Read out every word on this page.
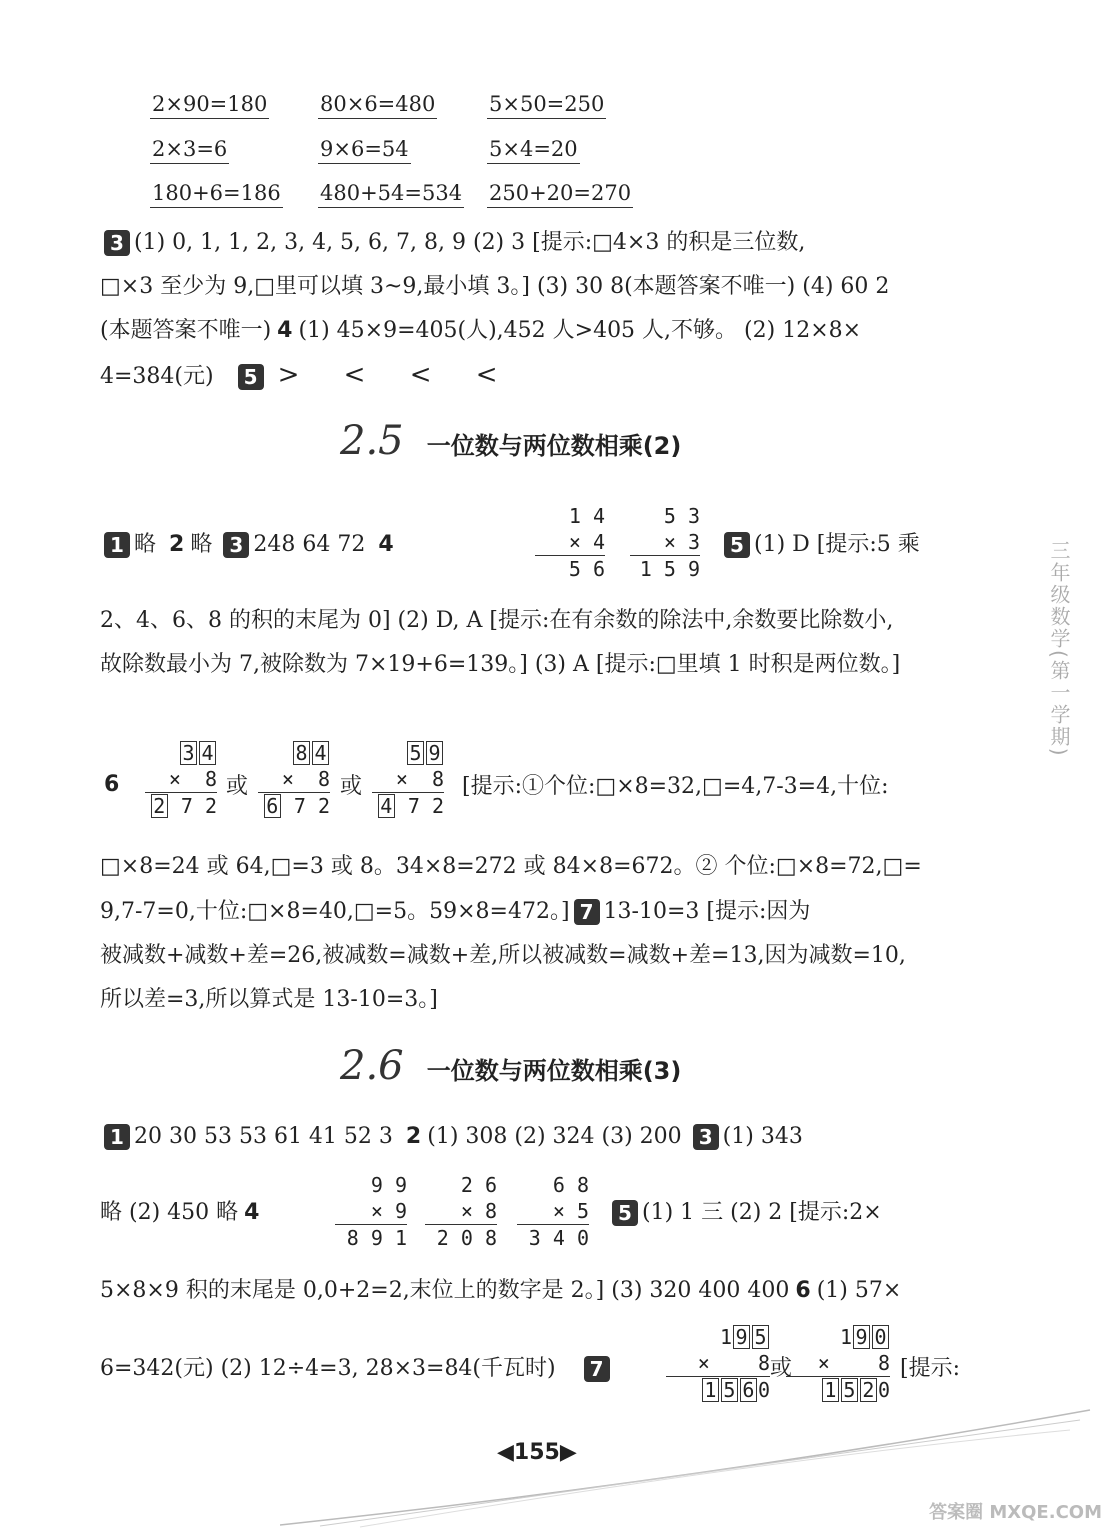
2×90=180	80×6=480	5×50=250
2×3=6	9×6=54	5×4=20
180+6=186 480+54=534 250+20=270
3 (1) 0, 1, 1, 2, 3, 4, 5, 6, 7, 8, 9 (2) 3 [提示:□4×3 的积是三位数,
□×3 至少为 9,□里可以填 3~9,最小填 3。] (3) 30 8(本题答案不唯一) (4) 60 2
(本题答案不唯一) 4 (1) 45×9=405(人),452 人>405 人,不够。 (2) 12×8×
4=384(元) 5 > < < <
2.5 一位数与两位数相乘(2)
1 略 2 略 3 248 64 72 4
1 4
× 4
5 6
5 3
× 3
1 5 9
5 (1) D [提示:5 乘
2、4、6、8 的积的末尾为 0] (2) D, A [提示:在有余数的除法中,余数要比除数小,
故除数最小为 7,被除数为 7×19+6=139。] (3) A [提示:□里填 1 时积是两位数。]
6
3 4
×  8
2 7 2
或
8 4
×  8
6 7 2
或
5 9
×  8
4 7 2
[提示:①个位:□×8=32,□=4,7-3=4,十位:
□×8=24 或 64,□=3 或 8。34×8=272 或 84×8=672。② 个位:□×8=72,□=
9,7-7=0,十位:□×8=40,□=5。59×8=472。] 7 13-10=3 [提示:因为
被减数+减数+差=26,被减数=减数+差,所以被减数=减数+差=13,因为减数=10,
所以差=3,所以算式是 13-10=3。]
2.6 一位数与两位数相乘(3)
1 20 30 53 53 61 41 52 3 2 (1) 308 (2) 324 (3) 200 3 (1) 343
略 (2) 450 略 4
9 9
× 9
8 9 1
2 6
× 8
2 0 8
6 8
× 5
3 4 0
5 (1) 1 三 (2) 2 [提示:2×
5×8×9 积的末尾是 0,0+2=2,末位上的数字是 2。] (3) 320 400 400 6 (1) 57×
6=342(元) (2) 12÷4=3, 28×3=84(千瓦时) 7
1 9 5
×    8
1 5 6 0
或
1 9 0
×    8
1 5 2 0
[提示:
三年级数学(第一学期)
◀155▶
答案圈 MXQE.COM
